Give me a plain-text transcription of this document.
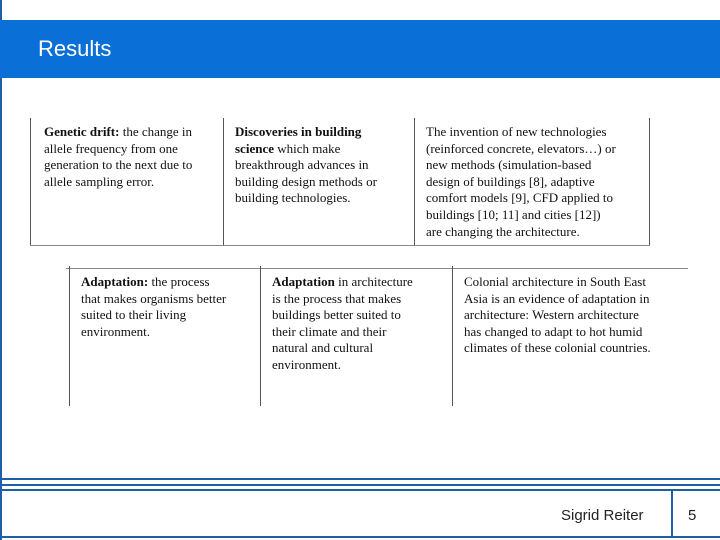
Results
Genetic drift: the change in
allele frequency from one
generation to the next due to
allele sampling error.
Discoveries in building
science which make
breakthrough advances in
building design methods or
building technologies.
The invention of new technologies
(reinforced concrete, elevators…) or
new methods (simulation-based
design of buildings [8], adaptive
comfort models [9], CFD applied to
buildings [10; 11] and cities [12])
are changing the architecture.
Adaptation: the process
that makes organisms better
suited to their living
environment.
Adaptation in architecture
is the process that makes
buildings better suited to
their climate and their
natural and cultural
environment.
Colonial architecture in South East
Asia is an evidence of adaptation in
architecture: Western architecture
has changed to adapt to hot humid
climates of these colonial countries.
Sigrid Reiter	5
